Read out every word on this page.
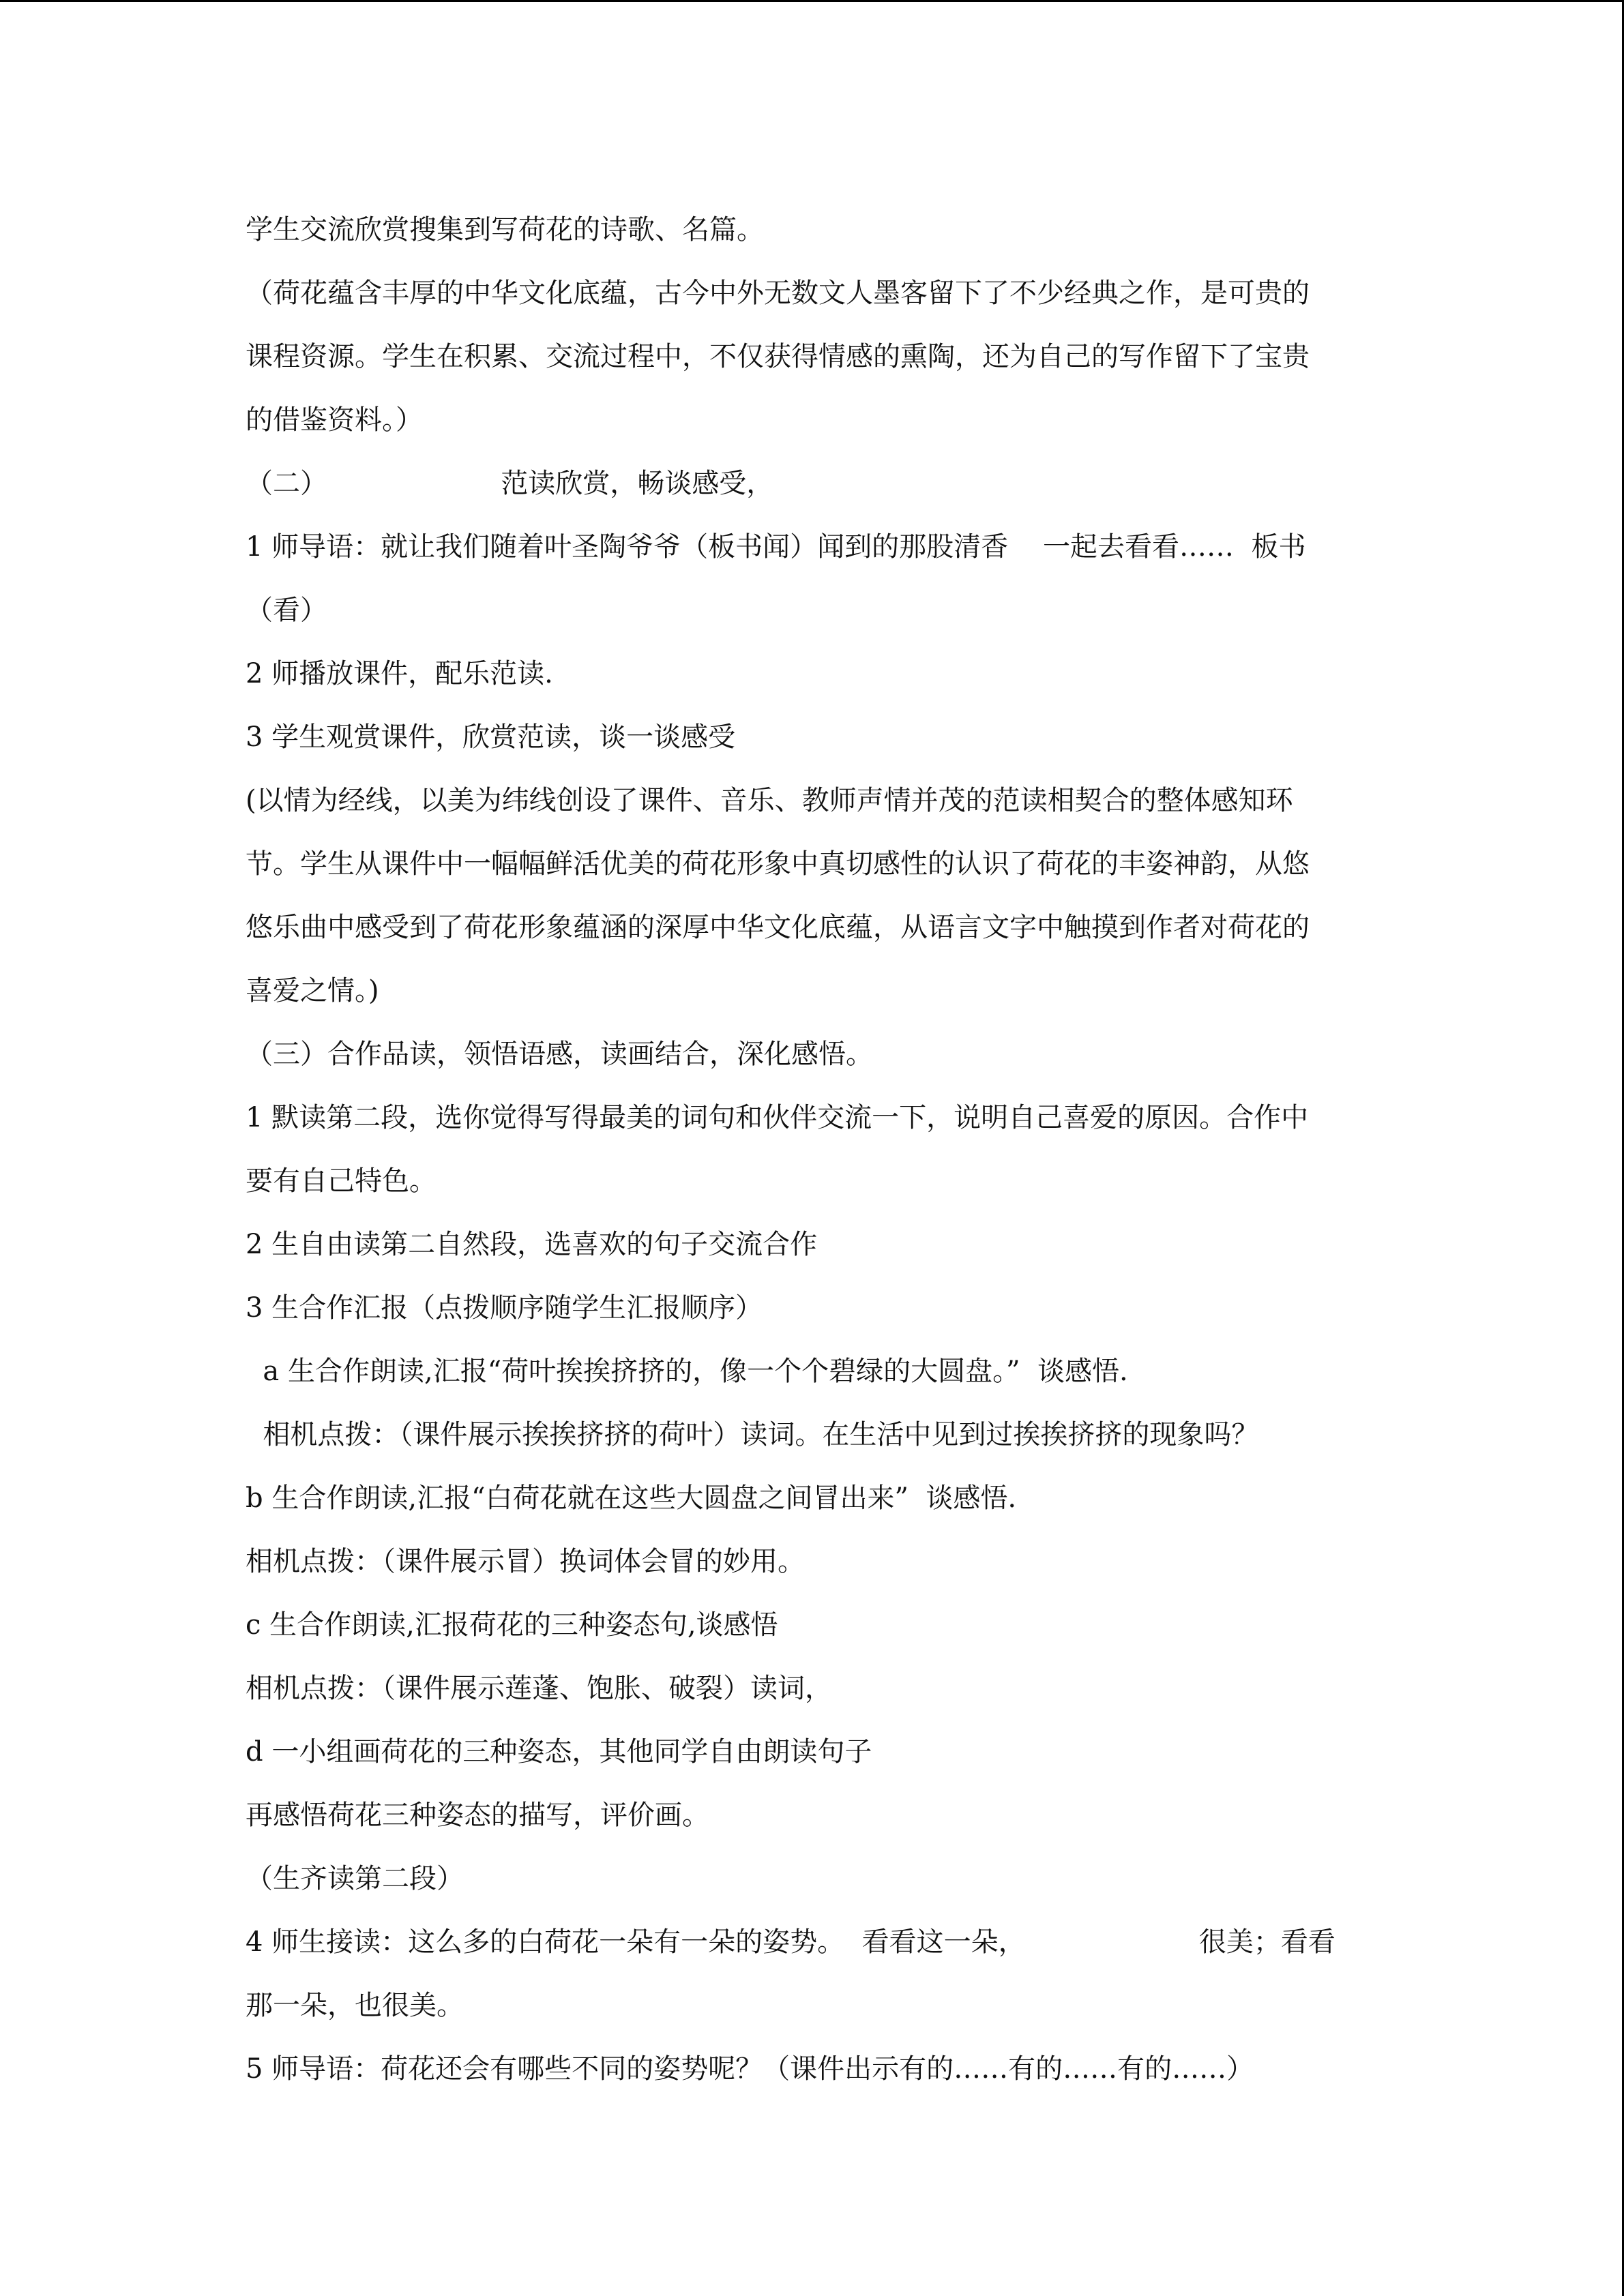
学生交流欣赏搜集到写荷花的诗歌、名篇。
（荷花蕴含丰厚的中华文化底蕴，古今中外无数文人墨客留下了不少经典之作，是可贵的
课程资源。学生在积累、交流过程中，不仅获得情感的熏陶，还为自己的写作留下了宝贵
的借鉴资料。）
（二）                    范读欣赏，畅谈感受，
1 师导语：就让我们随着叶圣陶爷爷（板书闻）闻到的那股清香    一起去看看……  板书
（看）
2 师播放课件，配乐范读.
3 学生观赏课件，欣赏范读，谈一谈感受
(以情为经线，以美为纬线创设了课件、音乐、教师声情并茂的范读相契合的整体感知环
节。学生从课件中一幅幅鲜活优美的荷花形象中真切感性的认识了荷花的丰姿神韵，从悠
悠乐曲中感受到了荷花形象蕴涵的深厚中华文化底蕴，从语言文字中触摸到作者对荷花的
喜爱之情。)
（三）合作品读，领悟语感，读画结合，深化感悟。
1 默读第二段，选你觉得写得最美的词句和伙伴交流一下，说明自己喜爱的原因。合作中
要有自己特色。
2 生自由读第二自然段，选喜欢的句子交流合作
3 生合作汇报（点拨顺序随学生汇报顺序）
a 生合作朗读,汇报“荷叶挨挨挤挤的，像一个个碧绿的大圆盘。”  谈感悟.
相机点拨：（课件展示挨挨挤挤的荷叶）读词。在生活中见到过挨挨挤挤的现象吗？
b 生合作朗读,汇报“白荷花就在这些大圆盘之间冒出来”  谈感悟.
相机点拨：（课件展示冒）换词体会冒的妙用。
c 生合作朗读,汇报荷花的三种姿态句,谈感悟
相机点拨：（课件展示莲蓬、饱胀、破裂）读词，
d 一小组画荷花的三种姿态，其他同学自由朗读句子
再感悟荷花三种姿态的描写，评价画。
（生齐读第二段）
4 师生接读：这么多的白荷花一朵有一朵的姿势。  看看这一朵，                    很美；看看
那一朵，也很美。
5 师导语：荷花还会有哪些不同的姿势呢？（课件出示有的……有的……有的……）
